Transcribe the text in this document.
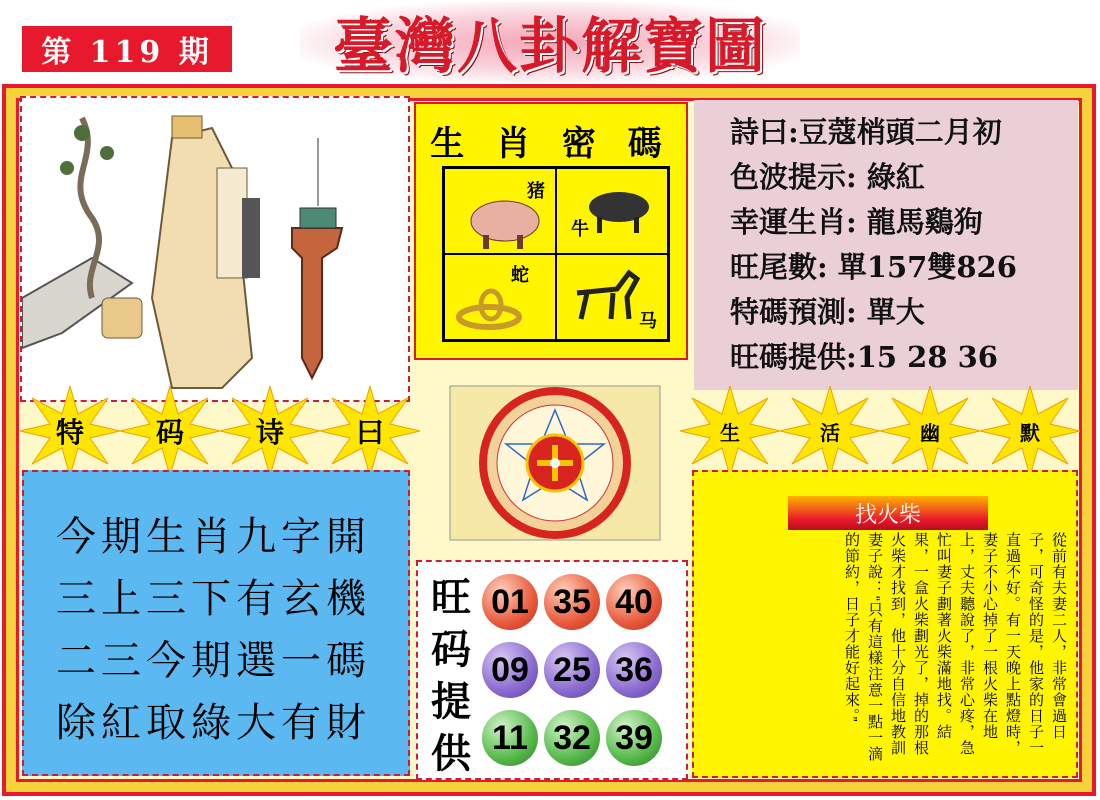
第 119 期	臺灣八卦解寶圖
生 肖 密 碼
猪
牛
蛇
马
詩曰:豆蔻梢頭二月初
色波提示: 綠紅
幸運生肖: 龍馬鷄狗
旺尾數: 單157雙826
特碼預測: 單大
旺碼提供:15 28 36
特	码	诗	曰	生	活	幽	默
今期生肖九字開
三上三下有玄機
二三今期選一碼
除紅取綠大有財
旺码提供
01 35 40
09 25 36
11 32 39
找火柴
從前有夫妻二人，非常會過日子，可奇怪的是，他家的日子一直過不好。有一天晚上點燈時，妻子不小心掉了一根火柴在地上，丈夫聽說了，非常心疼，急忙叫妻子劃著火柴滿地找。結果，一盒火柴劃光了，掉的那根火柴才找到，他十分自信地教訓妻子說：“只有這樣注意一點一滴的節約，日子才能好起來。”
